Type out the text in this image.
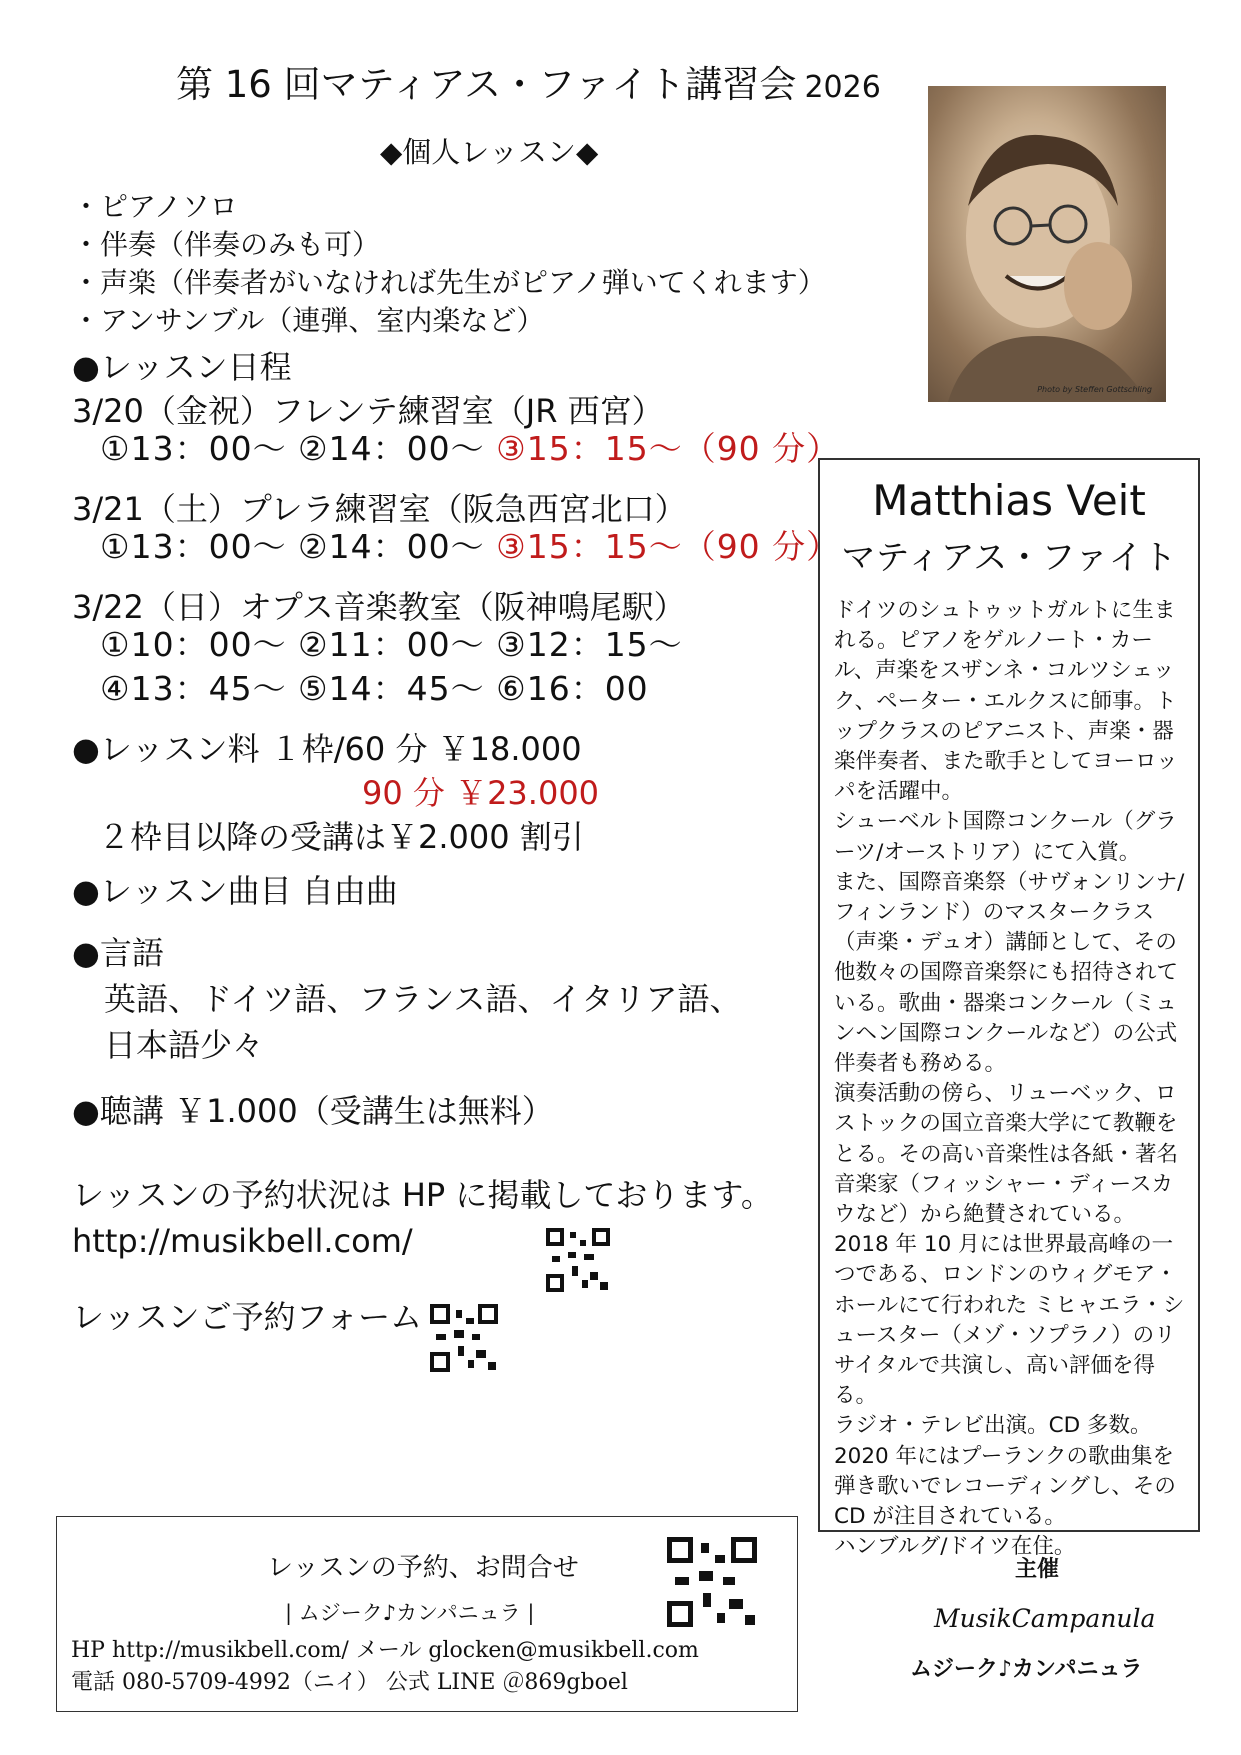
第 16 回マティアス・ファイト講習会 2026
◆個人レッスン◆
・ピアノソロ
・伴奏（伴奏のみも可）
・声楽（伴奏者がいなければ先生がピアノ弾いてくれます）
・アンサンブル（連弾、室内楽など）
Photo by Steffen Gottschling
●レッスン日程
3/20（金祝）フレンテ練習室（JR 西宮）
①13：00～ ②14：00～ ③15：15～（90 分）
3/21（土）プレラ練習室（阪急西宮北口）
①13：00～ ②14：00～ ③15：15～（90 分）
3/22（日）オプス音楽教室（阪神鳴尾駅）
①10：00～ ②11：00～ ③12：15～
④13：45～ ⑤14：45～ ⑥16：00
●レッスン料 １枠/60 分 ￥18.000
90 分 ￥23.000
２枠目以降の受講は￥2.000 割引
●レッスン曲目 自由曲
●言語
英語、ドイツ語、フランス語、イタリア語、
日本語少々
●聴講 ￥1.000（受講生は無料）
レッスンの予約状況は HP に掲載しております。
http://musikbell.com/
レッスンご予約フォーム
Matthias Veit
マティアス・ファイト

ドイツのシュトゥットガルトに生まれる。ピアノをゲルノート・カール、声楽をスザンネ・コルツシェック、ペーター・エルクスに師事。トップクラスのピアニスト、声楽・器楽伴奏者、また歌手としてヨーロッパを活躍中。

シューベルト国際コンクール（グラーツ/オーストリア）にて入賞。

また、国際音楽祭（サヴォンリンナ/フィンランド）のマスタークラス（声楽・デュオ）講師として、その他数々の国際音楽祭にも招待されている。歌曲・器楽コンクール（ミュンヘン国際コンクールなど）の公式伴奏者も務める。

演奏活動の傍ら、リューベック、ロストックの国立音楽大学にて教鞭をとる。その高い音楽性は各紙・著名音楽家（フィッシャー・ディースカウなど）から絶賛されている。

2018 年 10 月には世界最高峰の一つである、ロンドンのウィグモア・ホールにて行われた ミヒャエラ・シュースター（メゾ・ソプラノ）のリサイタルで共演し、高い評価を得る。

ラジオ・テレビ出演。CD 多数。2020 年にはプーランクの歌曲集を弾き歌いでレコーディングし、その CD が注目されている。

ハンブルグ/ドイツ在住。

レッスンの予約、お問合せ
| ムジーク♪カンパニュラ |
HP http://musikbell.com/ メール glocken@musikbell.com
電話 080-5709-4992（ニイ） 公式 LINE ＠869gboel
主催
MusikCampanula
ムジーク♪カンパニュラ
